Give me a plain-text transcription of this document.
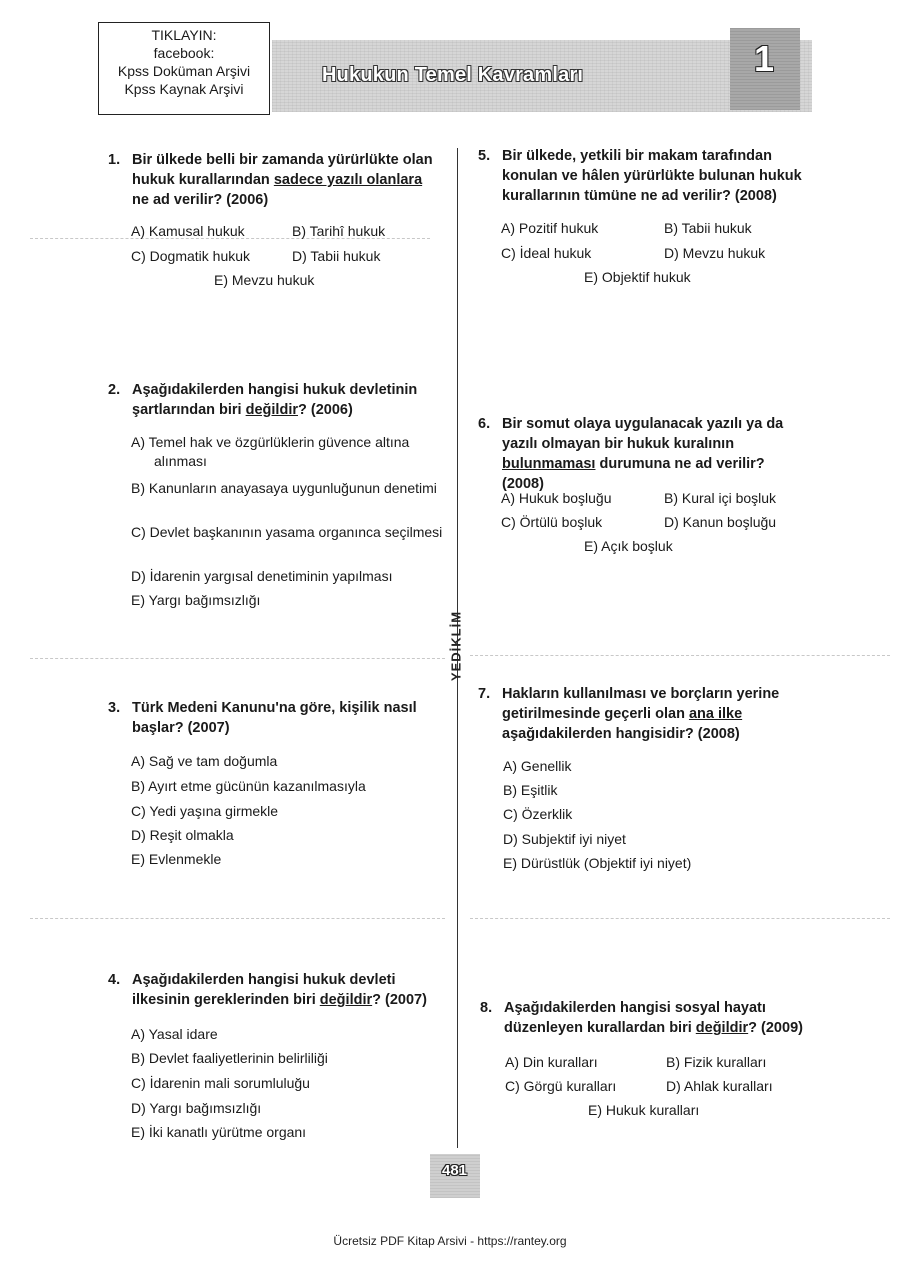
TIKLAYIN:
facebook:
Kpss Doküman Arşivi
Kpss Kaynak Arşivi
Hukukun Temel Kavramları	1
YEDİKLİM
1. Bir ülkede belli bir zamanda yürürlükte olan hukuk kurallarından sadece yazılı olanlara ne ad verilir? (2006)
A) Kamusal hukuk	B) Tarihî hukuk
C) Dogmatik hukuk	D) Tabii hukuk
E) Mevzu hukuk
2. Aşağıdakilerden hangisi hukuk devletinin şartlarından biri değildir? (2006)
A) Temel hak ve özgürlüklerin güvence altına alınması
B) Kanunların anayasaya uygunluğunun denetimi
C) Devlet başkanının yasama organınca seçilmesi
D) İdarenin yargısal denetiminin yapılması
E) Yargı bağımsızlığı
3. Türk Medeni Kanunu'na göre, kişilik nasıl başlar? (2007)
A) Sağ ve tam doğumla
B) Ayırt etme gücünün kazanılmasıyla
C) Yedi yaşına girmekle
D) Reşit olmakla
E) Evlenmekle
4. Aşağıdakilerden hangisi hukuk devleti ilkesinin gereklerinden biri değildir? (2007)
A) Yasal idare
B) Devlet faaliyetlerinin belirliliği
C) İdarenin mali sorumluluğu
D) Yargı bağımsızlığı
E) İki kanatlı yürütme organı
5. Bir ülkede, yetkili bir makam tarafından konulan ve hâlen yürürlükte bulunan hukuk kurallarının tümüne ne ad verilir? (2008)
A) Pozitif hukuk	B) Tabii hukuk
C) İdeal hukuk	D) Mevzu hukuk
E) Objektif hukuk
6. Bir somut olaya uygulanacak yazılı ya da yazılı olmayan bir hukuk kuralının bulunmaması durumuna ne ad verilir? (2008)
A) Hukuk boşluğu	B) Kural içi boşluk
C) Örtülü boşluk	D) Kanun boşluğu
E) Açık boşluk
7. Hakların kullanılması ve borçların yerine getirilmesinde geçerli olan ana ilke aşağıdakilerden hangisidir? (2008)
A) Genellik
B) Eşitlik
C) Özerklik
D) Subjektif iyi niyet
E) Dürüstlük (Objektif iyi niyet)
8. Aşağıdakilerden hangisi sosyal hayatı düzenleyen kurallardan biri değildir? (2009)
A) Din kuralları	B) Fizik kuralları
C) Görgü kuralları	D) Ahlak kuralları
E) Hukuk kuralları
481
Ücretsiz PDF Kitap Arsivi - https://rantey.org
